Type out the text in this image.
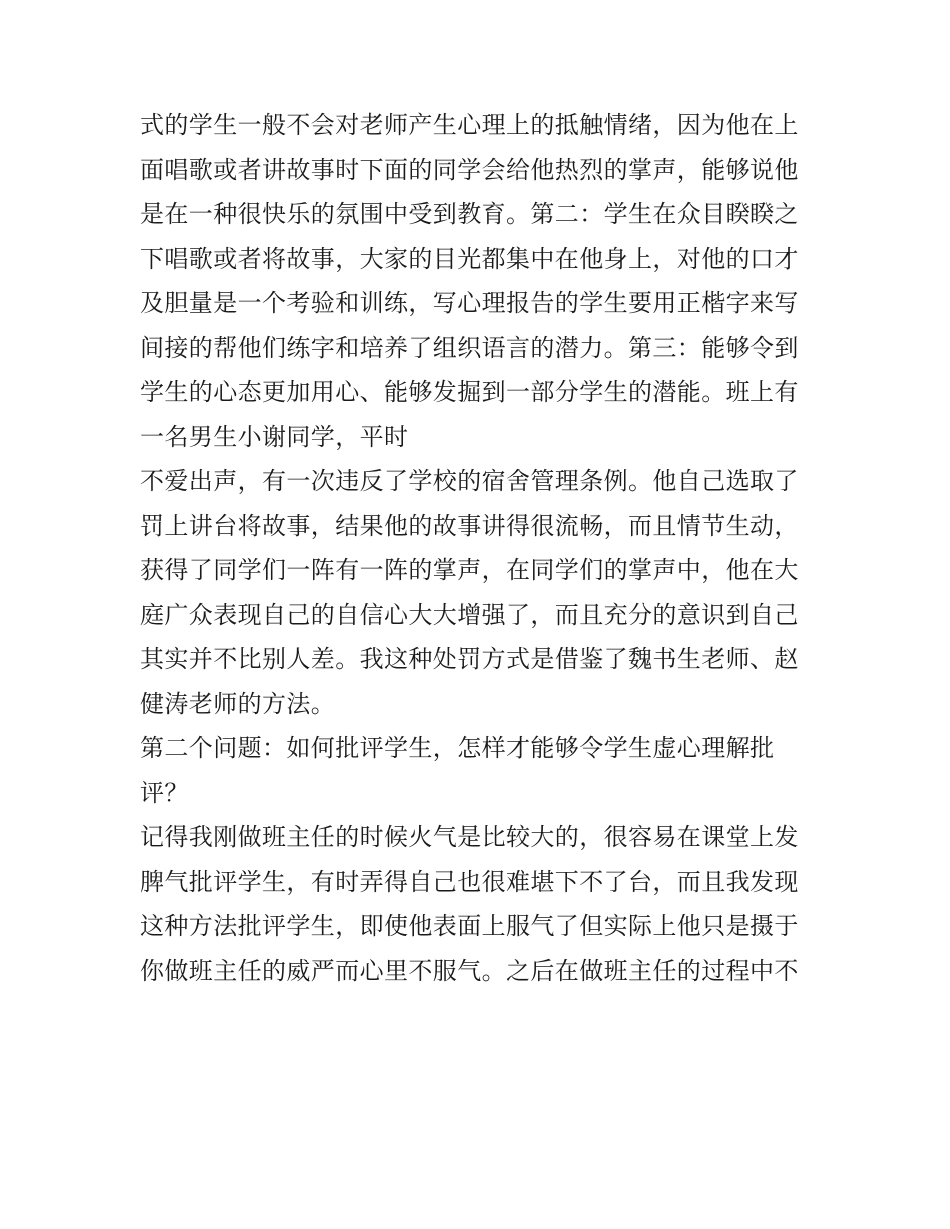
式的学生一般不会对老师产生心理上的抵触情绪，因为他在上
面唱歌或者讲故事时下面的同学会给他热烈的掌声，能够说他
是在一种很快乐的氛围中受到教育。第二：学生在众目睽睽之
下唱歌或者将故事，大家的目光都集中在他身上，对他的口才
及胆量是一个考验和训练，写心理报告的学生要用正楷字来写
间接的帮他们练字和培养了组织语言的潜力。第三：能够令到
学生的心态更加用心、能够发掘到一部分学生的潜能。班上有
一名男生小谢同学，平时
不爱出声，有一次违反了学校的宿舍管理条例。他自己选取了
罚上讲台将故事，结果他的故事讲得很流畅，而且情节生动，
获得了同学们一阵有一阵的掌声，在同学们的掌声中，他在大
庭广众表现自己的自信心大大增强了，而且充分的意识到自己
其实并不比别人差。我这种处罚方式是借鉴了魏书生老师、赵
健涛老师的方法。
第二个问题：如何批评学生，怎样才能够令学生虚心理解批
评？
记得我刚做班主任的时候火气是比较大的，很容易在课堂上发
脾气批评学生，有时弄得自己也很难堪下不了台，而且我发现
这种方法批评学生，即使他表面上服气了但实际上他只是摄于
你做班主任的威严而心里不服气。之后在做班主任的过程中不
